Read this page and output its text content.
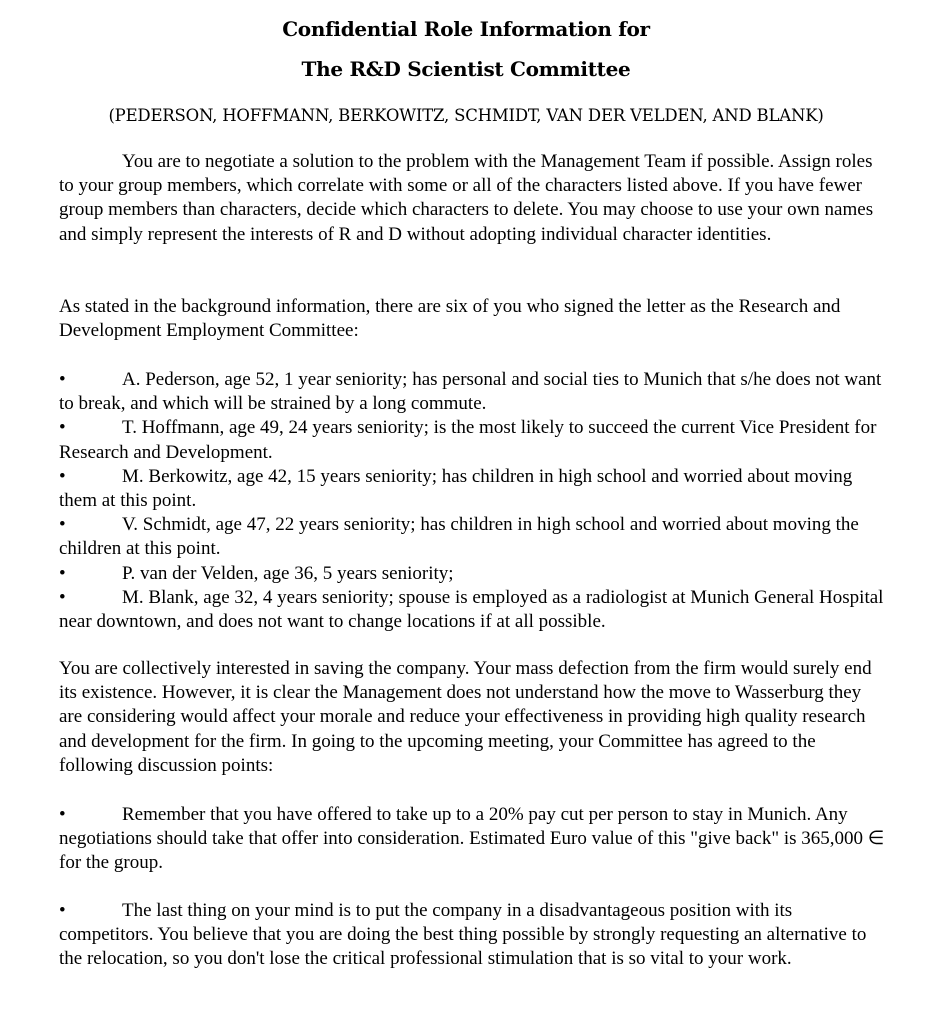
Confidential Role Information for
The R&D Scientist Committee

(PEDERSON, HOFFMANN, BERKOWITZ, SCHMIDT, VAN DER VELDEN, AND BLANK)

You are to negotiate a solution to the problem with the Management Team if possible. Assign roles to your group members, which correlate with some or all of the characters listed above. If you have fewer group members than characters, decide which characters to delete. You may choose to use your own names and simply represent the interests of R and D without adopting individual character identities.

As stated in the background information, there are six of you who signed the letter as the Research and Development Employment Committee:

•	A. Pederson, age 52, 1 year seniority; has personal and social ties to Munich that s/he does not want to break, and which will be strained by a long commute.

•	T. Hoffmann, age 49, 24 years seniority; is the most likely to succeed the current Vice President for Research and Development.

•	M. Berkowitz, age 42, 15 years seniority; has children in high school and worried about moving them at this point.

•	V. Schmidt, age 47, 22 years seniority; has children in high school and worried about moving the children at this point.

•	P. van der Velden, age 36, 5 years seniority;

•	M. Blank, age 32, 4 years seniority; spouse is employed as a radiologist at Munich General Hospital near downtown, and does not want to change locations if at all possible.

You are collectively interested in saving the company. Your mass defection from the firm would surely end its existence. However, it is clear the Management does not understand how the move to Wasserburg they are considering would affect your morale and reduce your effectiveness in providing high quality research and development for the firm. In going to the upcoming meeting, your Committee has agreed to the following discussion points:

•	Remember that you have offered to take up to a 20% pay cut per person to stay in Munich. Any negotiations should take that offer into consideration. Estimated Euro value of this "give back" is 365,000 ∈ for the group.

•	The last thing on your mind is to put the company in a disadvantageous position with its competitors. You believe that you are doing the best thing possible by strongly requesting an alternative to the relocation, so you don't lose the critical professional stimulation that is so vital to your work.
